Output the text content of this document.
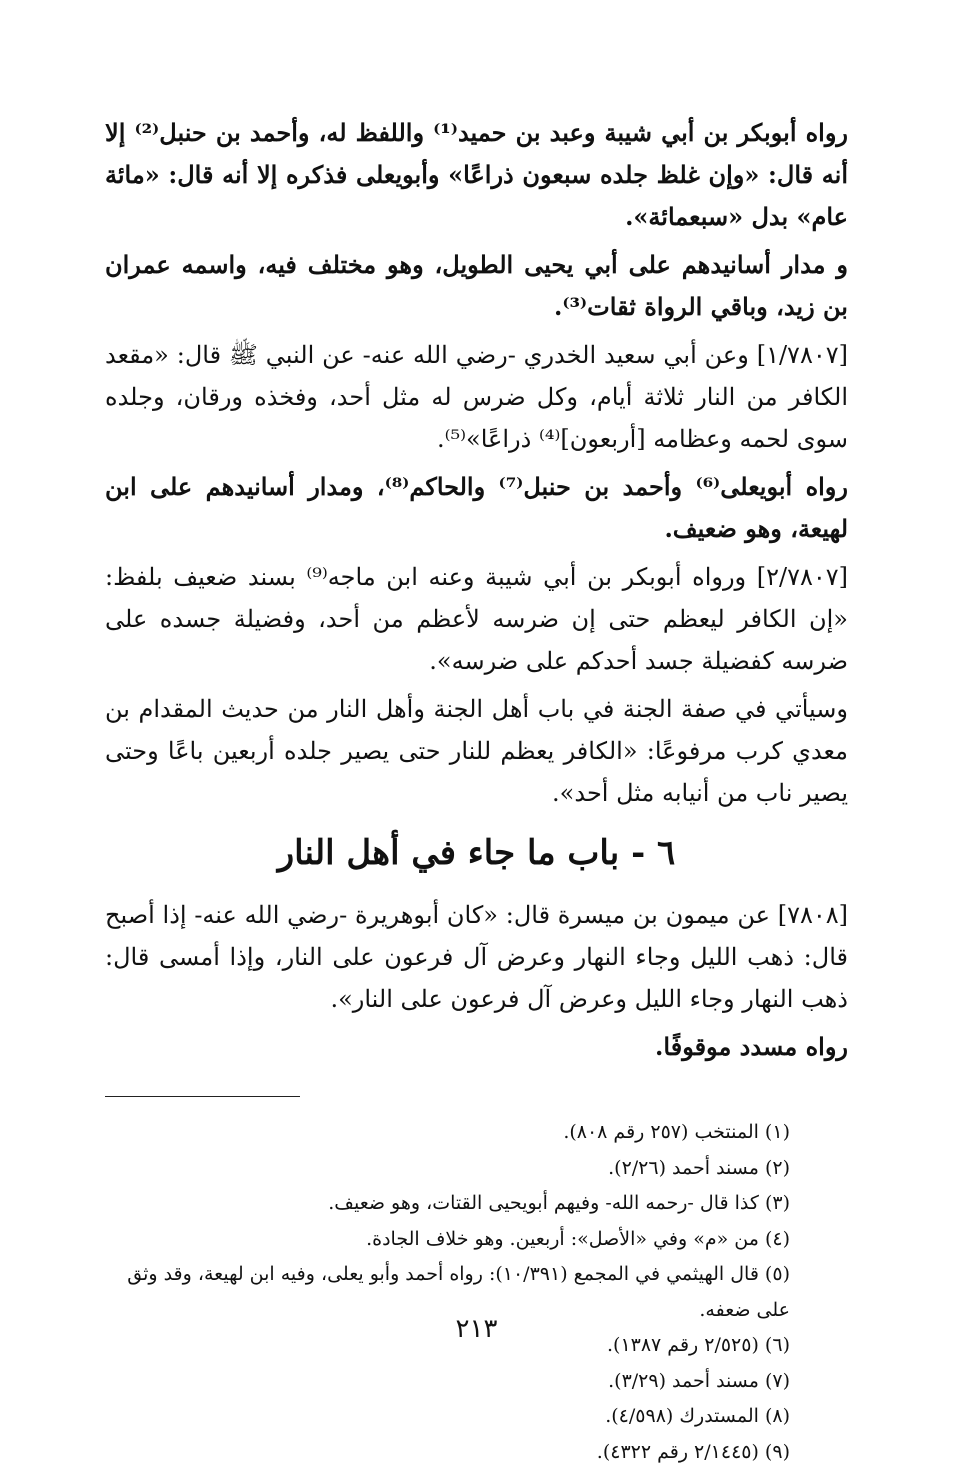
رواه أبوبكر بن أبي شيبة وعبد بن حميد⁽¹⁾ واللفظ له، وأحمد بن حنبل⁽²⁾ إلا أنه قال: «وإن غلظ جلده سبعون ذراعًا» وأبويعلى فذكره إلا أنه قال: «مائة عام» بدل «سبعمائة».

و مدار أسانيدهم على أبي يحيى الطويل، وهو مختلف فيه، واسمه عمران بن زيد، وباقي الرواة ثقات⁽³⁾.

[١/٧٨٠٧] وعن أبي سعيد الخدري -رضي الله عنه- عن النبي ﷺ قال: «مقعد الكافر من النار ثلاثة أيام، وكل ضرس له مثل أحد، وفخذه ورقان، وجلده سوى لحمه وعظامه [أربعون]⁽⁴⁾ ذراعًا»⁽⁵⁾.

رواه أبويعلى⁽⁶⁾ وأحمد بن حنبل⁽⁷⁾ والحاكم⁽⁸⁾، ومدار أسانيدهم على ابن لهيعة، وهو ضعيف.

[٢/٧٨٠٧] ورواه أبوبكر بن أبي شيبة وعنه ابن ماجه⁽⁹⁾ بسند ضعيف بلفظ: «إن الكافر ليعظم حتى إن ضرسه لأعظم من أحد، وفضيلة جسده على ضرسه كفضيلة جسد أحدكم على ضرسه».

وسيأتي في صفة الجنة في باب أهل الجنة وأهل النار من حديث المقدام بن معدي كرب مرفوعًا: «الكافر يعظم للنار حتى يصير جلده أربعين باعًا وحتى يصير ناب من أنيابه مثل أحد».

٦ - باب ما جاء في أهل النار

[٧٨٠٨] عن ميمون بن ميسرة قال: «كان أبوهريرة -رضي الله عنه- إذا أصبح قال: ذهب الليل وجاء النهار وعرض آل فرعون على النار، وإذا أمسى قال: ذهب النهار وجاء الليل وعرض آل فرعون على النار».

رواه مسدد موقوفًا.

(١) المنتخب (٢٥٧ رقم ٨٠٨).
(٢) مسند أحمد (٢/٢٦).
(٣) كذا قال -رحمه الله- وفيهم أبويحيى القتات، وهو ضعيف.
(٤) من «م» وفي «الأصل»: أربعين. وهو خلاف الجادة.
(٥) قال الهيثمي في المجمع (١٠/٣٩١): رواه أحمد وأبو يعلى، وفيه ابن لهيعة، وقد وثق على ضعفه.
(٦) (٢/٥٢٥ رقم ١٣٨٧).
(٧) مسند أحمد (٣/٢٩).
(٨) المستدرك (٤/٥٩٨).
(٩) (٢/١٤٤٥ رقم ٤٣٢٢).
٢١٣
